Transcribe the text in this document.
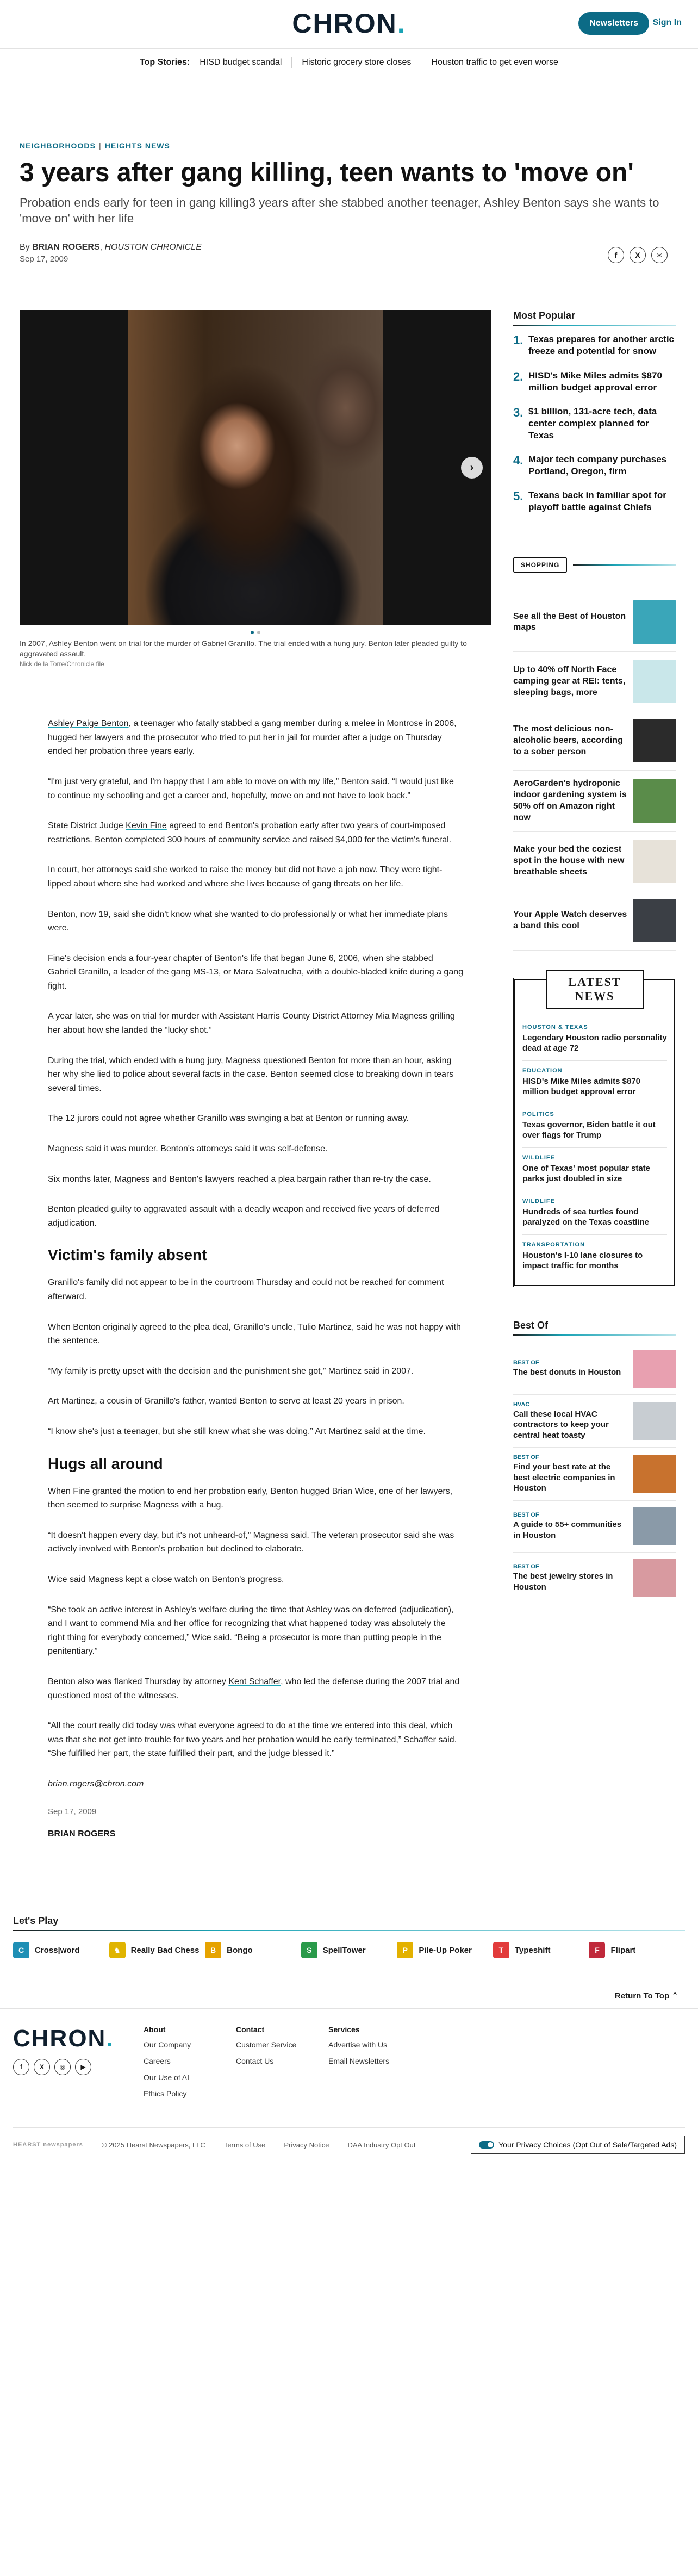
CHRON.	Newsletters	Sign In
Top Stories: HISD budget scandal Historic grocery store closes Houston traffic to get even worse
NEIGHBORHOODS | HEIGHTS NEWS
3 years after gang killing, teen wants to 'move on'

Probation ends early for teen in gang killing3 years after she stabbed another teenager, Ashley Benton says she wants to 'move on' with her life

By BRIAN ROGERS, HOUSTON CHRONICLE
Sep 17, 2009	f	X	✉
›
In 2007, Ashley Benton went on trial for the murder of Gabriel Granillo. The trial ended with a hung jury. Benton later pleaded guilty to aggravated assault.
Nick de la Torre/Chronicle file

Ashley Paige Benton, a teenager who fatally stabbed a gang member during a melee in Montrose in 2006, hugged her lawyers and the prosecutor who tried to put her in jail for murder after a judge on Thursday ended her probation three years early.

“I'm just very grateful, and I'm happy that I am able to move on with my life,” Benton said. “I would just like to continue my schooling and get a career and, hopefully, move on and not have to look back.”

State District Judge Kevin Fine agreed to end Benton's probation early after two years of court-imposed restrictions. Benton completed 300 hours of community service and raised $4,000 for the victim's funeral.

In court, her attorneys said she worked to raise the money but did not have a job now. They were tight-lipped about where she had worked and where she lives because of gang threats on her life.

Benton, now 19, said she didn't know what she wanted to do professionally or what her immediate plans were.

Fine's decision ends a four-year chapter of Benton's life that began June 6, 2006, when she stabbed Gabriel Granillo, a leader of the gang MS-13, or Mara Salvatrucha, with a double-bladed knife during a gang fight.

A year later, she was on trial for murder with Assistant Harris County District Attorney Mia Magness grilling her about how she landed the “lucky shot.”

During the trial, which ended with a hung jury, Magness questioned Benton for more than an hour, asking her why she lied to police about several facts in the case. Benton seemed close to breaking down in tears several times.

The 12 jurors could not agree whether Granillo was swinging a bat at Benton or running away.

Magness said it was murder. Benton's attorneys said it was self-defense.

Six months later, Magness and Benton's lawyers reached a plea bargain rather than re-try the case.

Benton pleaded guilty to aggravated assault with a deadly weapon and received five years of deferred adjudication.

Victim's family absent

Granillo's family did not appear to be in the courtroom Thursday and could not be reached for comment afterward.

When Benton originally agreed to the plea deal, Granillo's uncle, Tulio Martinez, said he was not happy with the sentence.

“My family is pretty upset with the decision and the punishment she got,” Martinez said in 2007.

Art Martinez, a cousin of Granillo's father, wanted Benton to serve at least 20 years in prison.

“I know she's just a teenager, but she still knew what she was doing,” Art Martinez said at the time.

Hugs all around

When Fine granted the motion to end her probation early, Benton hugged Brian Wice, one of her lawyers, then seemed to surprise Magness with a hug.

“It doesn't happen every day, but it's not unheard-of,” Magness said. The veteran prosecutor said she was actively involved with Benton's probation but declined to elaborate.

Wice said Magness kept a close watch on Benton's progress.

“She took an active interest in Ashley's welfare during the time that Ashley was on deferred (adjudication), and I want to commend Mia and her office for recognizing that what happened today was absolutely the right thing for everybody concerned,” Wice said. “Being a prosecutor is more than putting people in the penitentiary.”

Benton also was flanked Thursday by attorney Kent Schaffer, who led the defense during the 2007 trial and questioned most of the witnesses.

“All the court really did today was what everyone agreed to do at the time we entered into this deal, which was that she not get into trouble for two years and her probation would be early terminated,” Schaffer said. “She fulfilled her part, the state fulfilled their part, and the judge blessed it.”

brian.rogers@chron.com

Sep 17, 2009
BRIAN ROGERS
Most Popular
1. Texas prepares for another arctic freeze and potential for snow
2. HISD's Mike Miles admits $870 million budget approval error
3. $1 billion, 131-acre tech, data center complex planned for Texas
4. Major tech company purchases Portland, Oregon, firm
5. Texans back in familiar spot for playoff battle against Chiefs
SHOPPING
See all the Best of Houston maps
Up to 40% off North Face camping gear at REI: tents, sleeping bags, more
The most delicious non-alcoholic beers, according to a sober person
AeroGarden's hydroponic indoor gardening system is 50% off on Amazon right now
Make your bed the coziest spot in the house with new breathable sheets
Your Apple Watch deserves a band this cool
LATEST NEWS
HOUSTON & TEXAS
Legendary Houston radio personality dead at age 72
EDUCATION
HISD's Mike Miles admits $870 million budget approval error
POLITICS
Texas governor, Biden battle it out over flags for Trump
WILDLIFE
One of Texas' most popular state parks just doubled in size
WILDLIFE
Hundreds of sea turtles found paralyzed on the Texas coastline
TRANSPORTATION
Houston's I-10 lane closures to impact traffic for months
Best Of
BEST OF
The best donuts in Houston
HVAC
Call these local HVAC contractors to keep your central heat toasty
BEST OF
Find your best rate at the best electric companies in Houston
BEST OF
A guide to 55+ communities in Houston
BEST OF
The best jewelry stores in Houston
Let's Play
C	Cross|word	♞	Really Bad Chess	B	Bongo	S	SpellTower	P	Pile-Up Poker	T	Typeshift	F	Flipart
Return To Top ⌃
CHRON.
f	X	◎	▶
About
Our Company
Careers
Our Use of AI
Ethics Policy
Contact
Customer Service
Contact Us
Services
Advertise with Us
Email Newsletters
HEARST newspapers	© 2025 Hearst Newspapers, LLC	Terms of Use	Privacy Notice	DAA Industry Opt Out	Your Privacy Choices (Opt Out of Sale/Targeted Ads)
